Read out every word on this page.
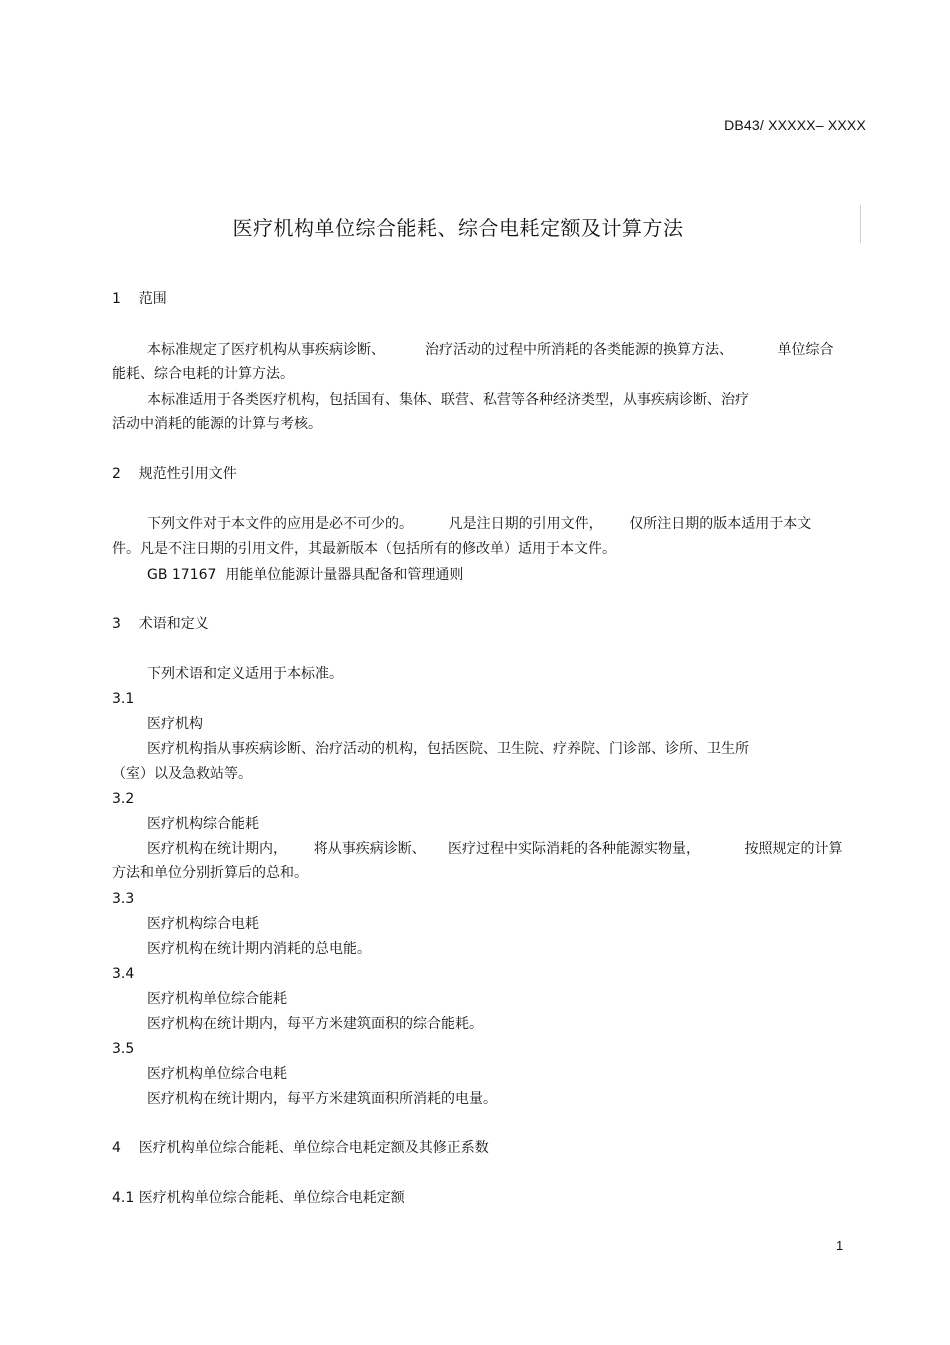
DB43/ XXXXX– XXXX
医疗机构单位综合能耗、综合电耗定额及计算方法
1    范围
本标准规定了医疗机构从事疾病诊断、         治疗活动的过程中所消耗的各类能源的换算方法、          单位综合
能耗、综合电耗的计算方法。
本标准适用于各类医疗机构，包括国有、集体、联营、私营等各种经济类型，从事疾病诊断、治疗
活动中消耗的能源的计算与考核。
2    规范性引用文件
下列文件对于本文件的应用是必不可少的。        凡是注日期的引用文件，      仅所注日期的版本适用于本文
件。凡是不注日期的引用文件，其最新版本（包括所有的修改单）适用于本文件。
GB 17167  用能单位能源计量器具配备和管理通则
3    术语和定义
下列术语和定义适用于本标准。
3.1
医疗机构
医疗机构指从事疾病诊断、治疗活动的机构，包括医院、卫生院、疗养院、门诊部、诊所、卫生所
（室）以及急救站等。
3.2
医疗机构综合能耗
医疗机构在统计期内，      将从事疾病诊断、     医疗过程中实际消耗的各种能源实物量，          按照规定的计算
方法和单位分别折算后的总和。
3.3
医疗机构综合电耗
医疗机构在统计期内消耗的总电能。
3.4
医疗机构单位综合能耗
医疗机构在统计期内，每平方米建筑面积的综合能耗。
3.5
医疗机构单位综合电耗
医疗机构在统计期内，每平方米建筑面积所消耗的电量。
4    医疗机构单位综合能耗、单位综合电耗定额及其修正系数
4.1 医疗机构单位综合能耗、单位综合电耗定额
1
